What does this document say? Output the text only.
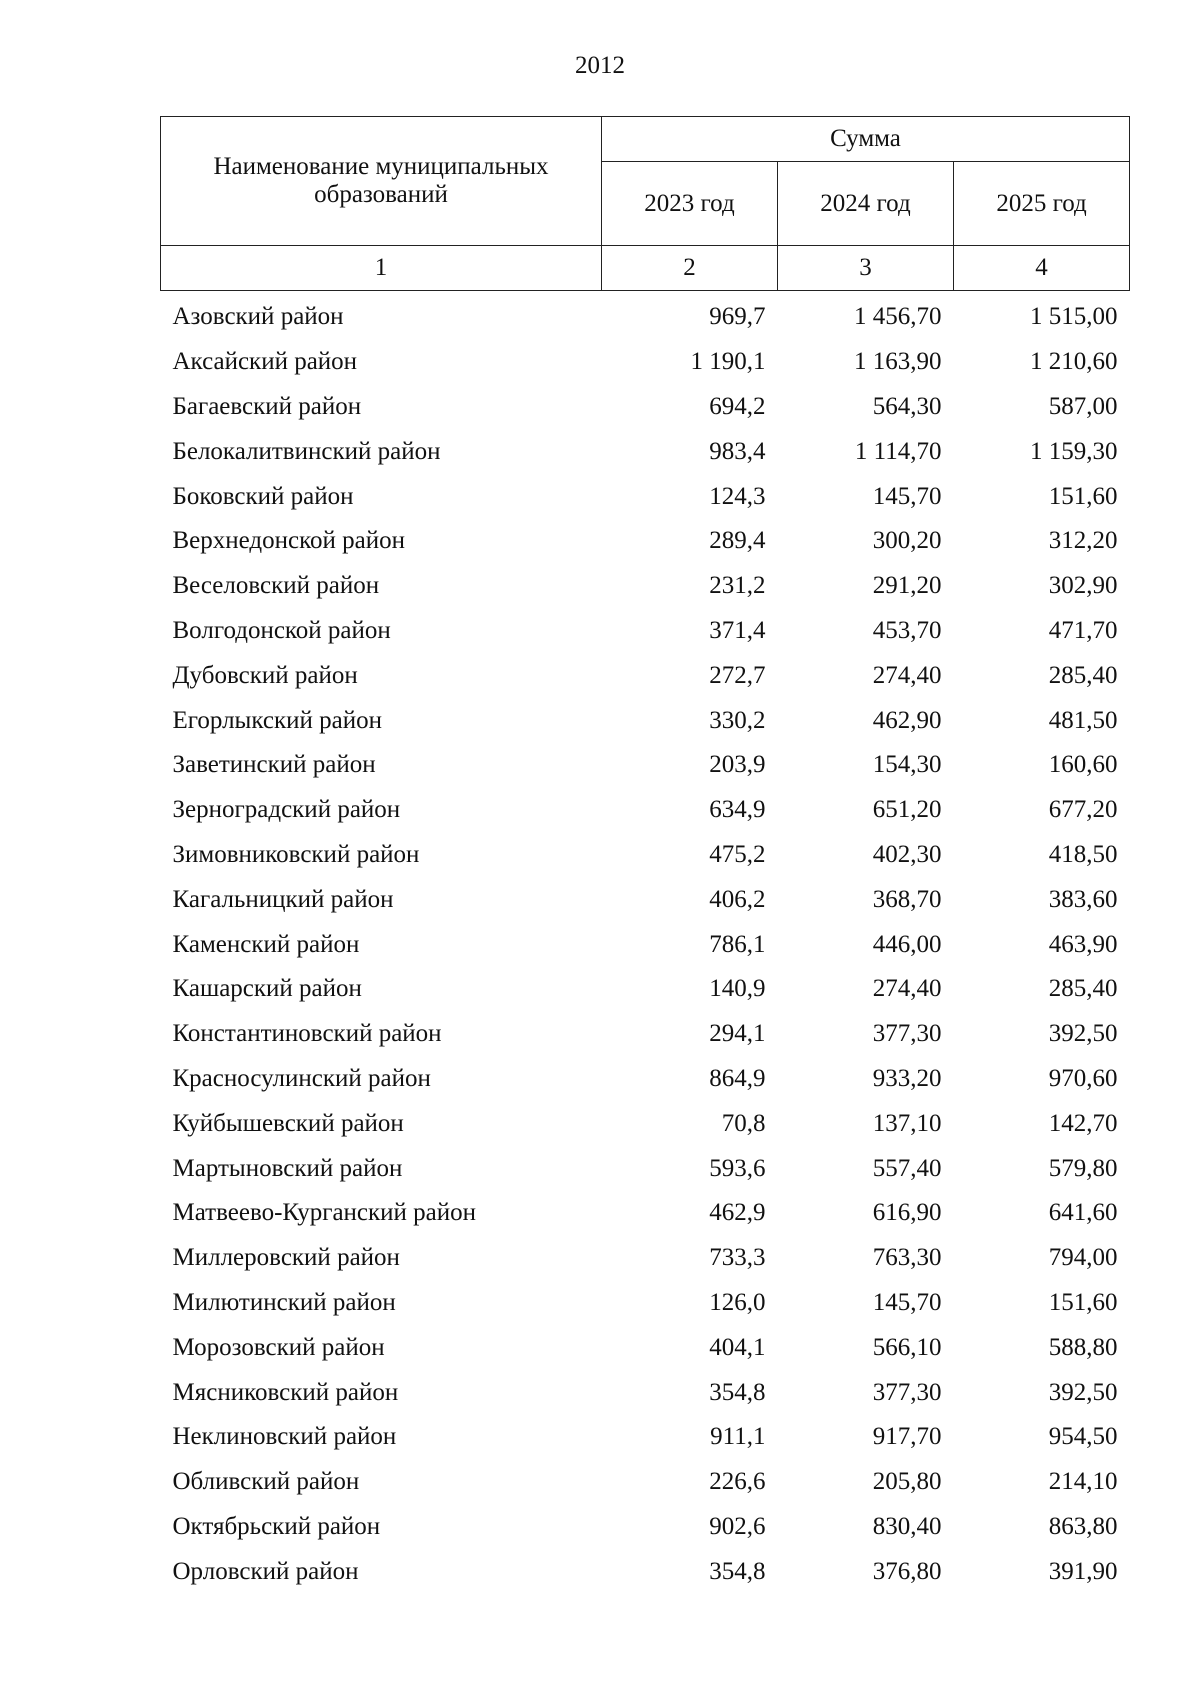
2012
Наименование муниципальных образований	Сумма		
	2023 год	2024 год	2025 год
1	2	3	4
Азовский район	969,7	1 456,70	1 515,00
Аксайский район	1 190,1	1 163,90	1 210,60
Багаевский район	694,2	564,30	587,00
Белокалитвинский район	983,4	1 114,70	1 159,30
Боковский район	124,3	145,70	151,60
Верхнедонской район	289,4	300,20	312,20
Веселовский район	231,2	291,20	302,90
Волгодонской район	371,4	453,70	471,70
Дубовский район	272,7	274,40	285,40
Егорлыкский район	330,2	462,90	481,50
Заветинский район	203,9	154,30	160,60
Зерноградский район	634,9	651,20	677,20
Зимовниковский район	475,2	402,30	418,50
Кагальницкий район	406,2	368,70	383,60
Каменский район	786,1	446,00	463,90
Кашарский район	140,9	274,40	285,40
Константиновский район	294,1	377,30	392,50
Красносулинский район	864,9	933,20	970,60
Куйбышевский район	70,8	137,10	142,70
Мартыновский район	593,6	557,40	579,80
Матвеево-Курганский район	462,9	616,90	641,60
Миллеровский район	733,3	763,30	794,00
Милютинский район	126,0	145,70	151,60
Морозовский район	404,1	566,10	588,80
Мясниковский район	354,8	377,30	392,50
Неклиновский район	911,1	917,70	954,50
Обливский район	226,6	205,80	214,10
Октябрьский район	902,6	830,40	863,80
Орловский район	354,8	376,80	391,90
